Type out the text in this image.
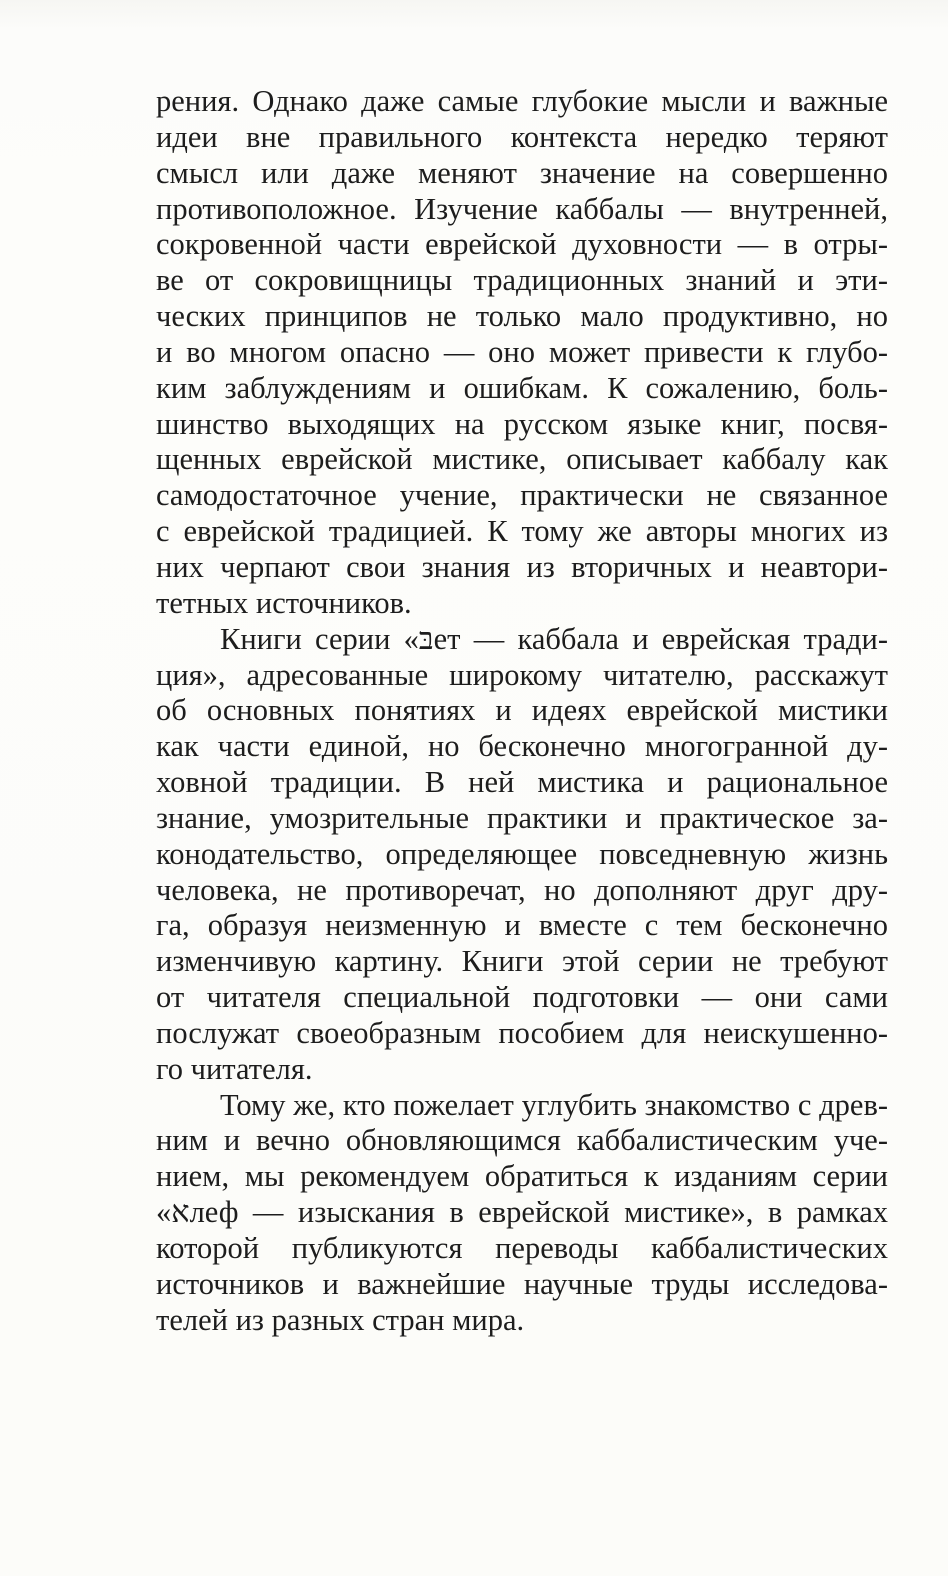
рения. Однако даже самые глубокие мысли и важные
идеи вне правильного контекста нередко теряют
смысл или даже меняют значение на совершенно
противоположное. Изучение каббалы — внутренней,
сокровенной части еврейской духовности — в отры-
ве от сокровищницы традиционных знаний и эти-
ческих принципов не только мало продуктивно, но
и во многом опасно — оно может привести к глубо-
ким заблуждениям и ошибкам. К сожалению, боль-
шинство выходящих на русском языке книг, посвя-
щенных еврейской мистике, описывает каббалу как
самодостаточное учение, практически не связанное
с еврейской традицией. К тому же авторы многих из
них черпают свои знания из вторичных и неавтори-
тетных источников.
Книги серии «בּет — каббала и еврейская тради-
ция», адресованные широкому читателю, расскажут
об основных понятиях и идеях еврейской мистики
как части единой, но бесконечно многогранной ду-
ховной традиции. В ней мистика и рациональное
знание, умозрительные практики и практическое за-
конодательство, определяющее повседневную жизнь
человека, не противоречат, но дополняют друг дру-
га, образуя неизменную и вместе с тем бесконечно
изменчивую картину. Книги этой серии не требуют
от читателя специальной подготовки — они сами
послужат своеобразным пособием для неискушенно-
го читателя.
Тому же, кто пожелает углубить знакомство с древ-
ним и вечно обновляющимся каббалистическим уче-
нием, мы рекомендуем обратиться к изданиям серии
«אлеф — изыскания в еврейской мистике», в рамках
которой публикуются переводы каббалистических
источников и важнейшие научные труды исследова-
телей из разных стран мира.
